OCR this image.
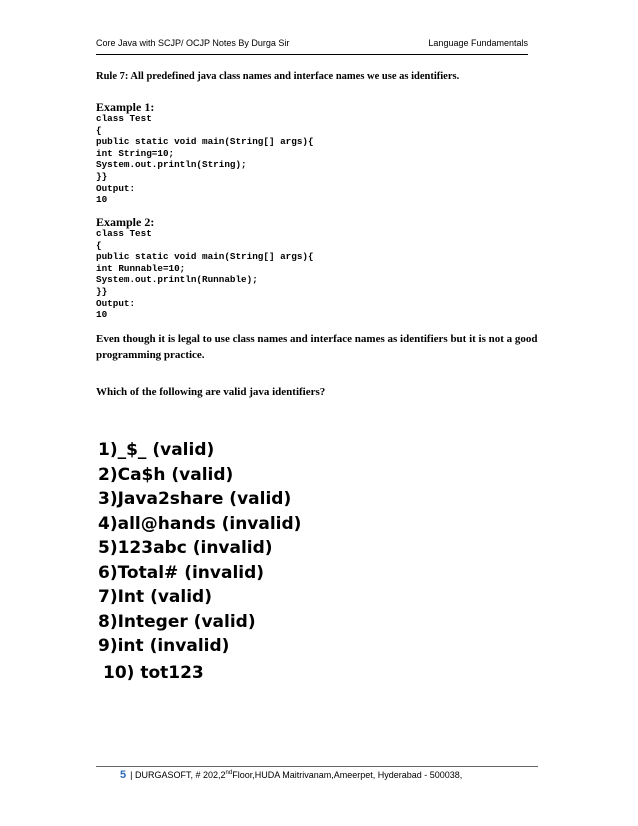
Core Java with SCJP/ OCJP Notes By Durga Sir	Language Fundamentals
Rule 7: All predefined java class names and interface names we use as identifiers.
Example 1:
class Test
{
public static void main(String[] args){
int String=10;
System.out.println(String);
}}
Output:
10
Example 2:
class Test
{
public static void main(String[] args){
int Runnable=10;
System.out.println(Runnable);
}}
Output:
10
Even though it is legal to use class names and interface names as identifiers but it is not a good programming practice.
Which of the following are valid java identifiers?
1)_$_ (valid)
2)Ca$h (valid)
3)Java2share (valid)
4)all@hands (invalid)
5)123abc (invalid)
6)Total# (invalid)
7)Int (valid)
8)Integer (valid)
9)int (invalid)
10) tot123
5 | DURGASOFT, # 202,2ndFloor,HUDA Maitrivanam,Ameerpet, Hyderabad - 500038,
